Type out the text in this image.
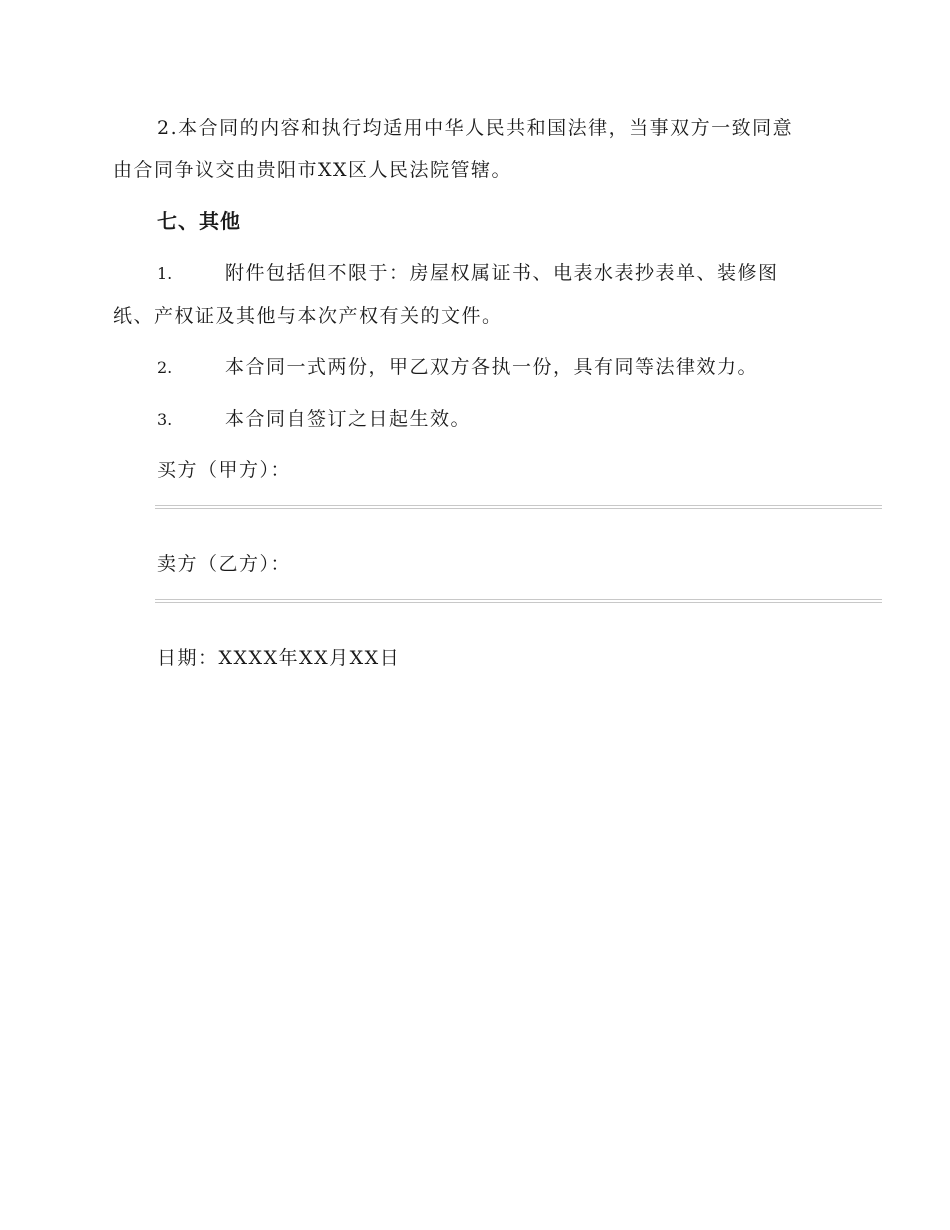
2.本合同的内容和执行均适用中华人民共和国法律，当事双方一致同意
由合同争议交由贵阳市XX区人民法院管辖。
七、其他
1.	附件包括但不限于：房屋权属证书、电表水表抄表单、装修图
纸、产权证及其他与本次产权有关的文件。
2.	本合同一式两份，甲乙双方各执一份，具有同等法律效力。
3.	本合同自签订之日起生效。
买方（甲方）：
卖方（乙方）：
日期：XXXX年XX月XX日
